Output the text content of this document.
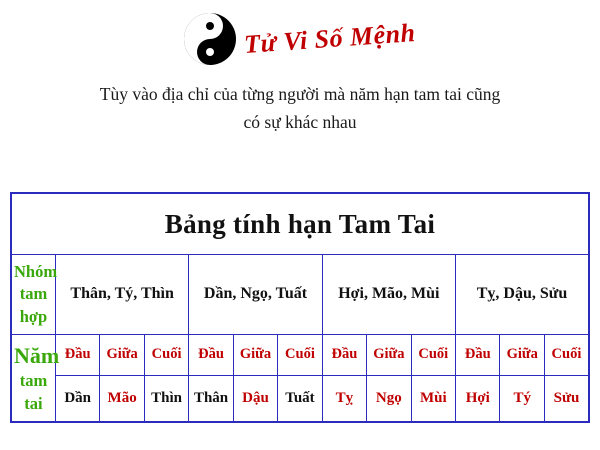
Tử Vi Số Mệnh
Tùy vào địa chỉ của từng người mà năm hạn tam tai cũng
có sự khác nhau
Bảng tính hạn Tam Tai												

Nhóm
tam hợp	Thân, Tý, Thìn			Dần, Ngọ, Tuất			Hợi, Mão, Mùi			Tỵ, Dậu, Sửu		

Năm
tam tai	Đầu	Giữa	Cuối	Đầu	Giữa	Cuối	Đầu	Giữa	Cuối	Đầu	Giữa	Cuối
	Dần	Mão	Thìn	Thân	Dậu	Tuất	Tỵ	Ngọ	Mùi	Hợi	Tý	Sửu
